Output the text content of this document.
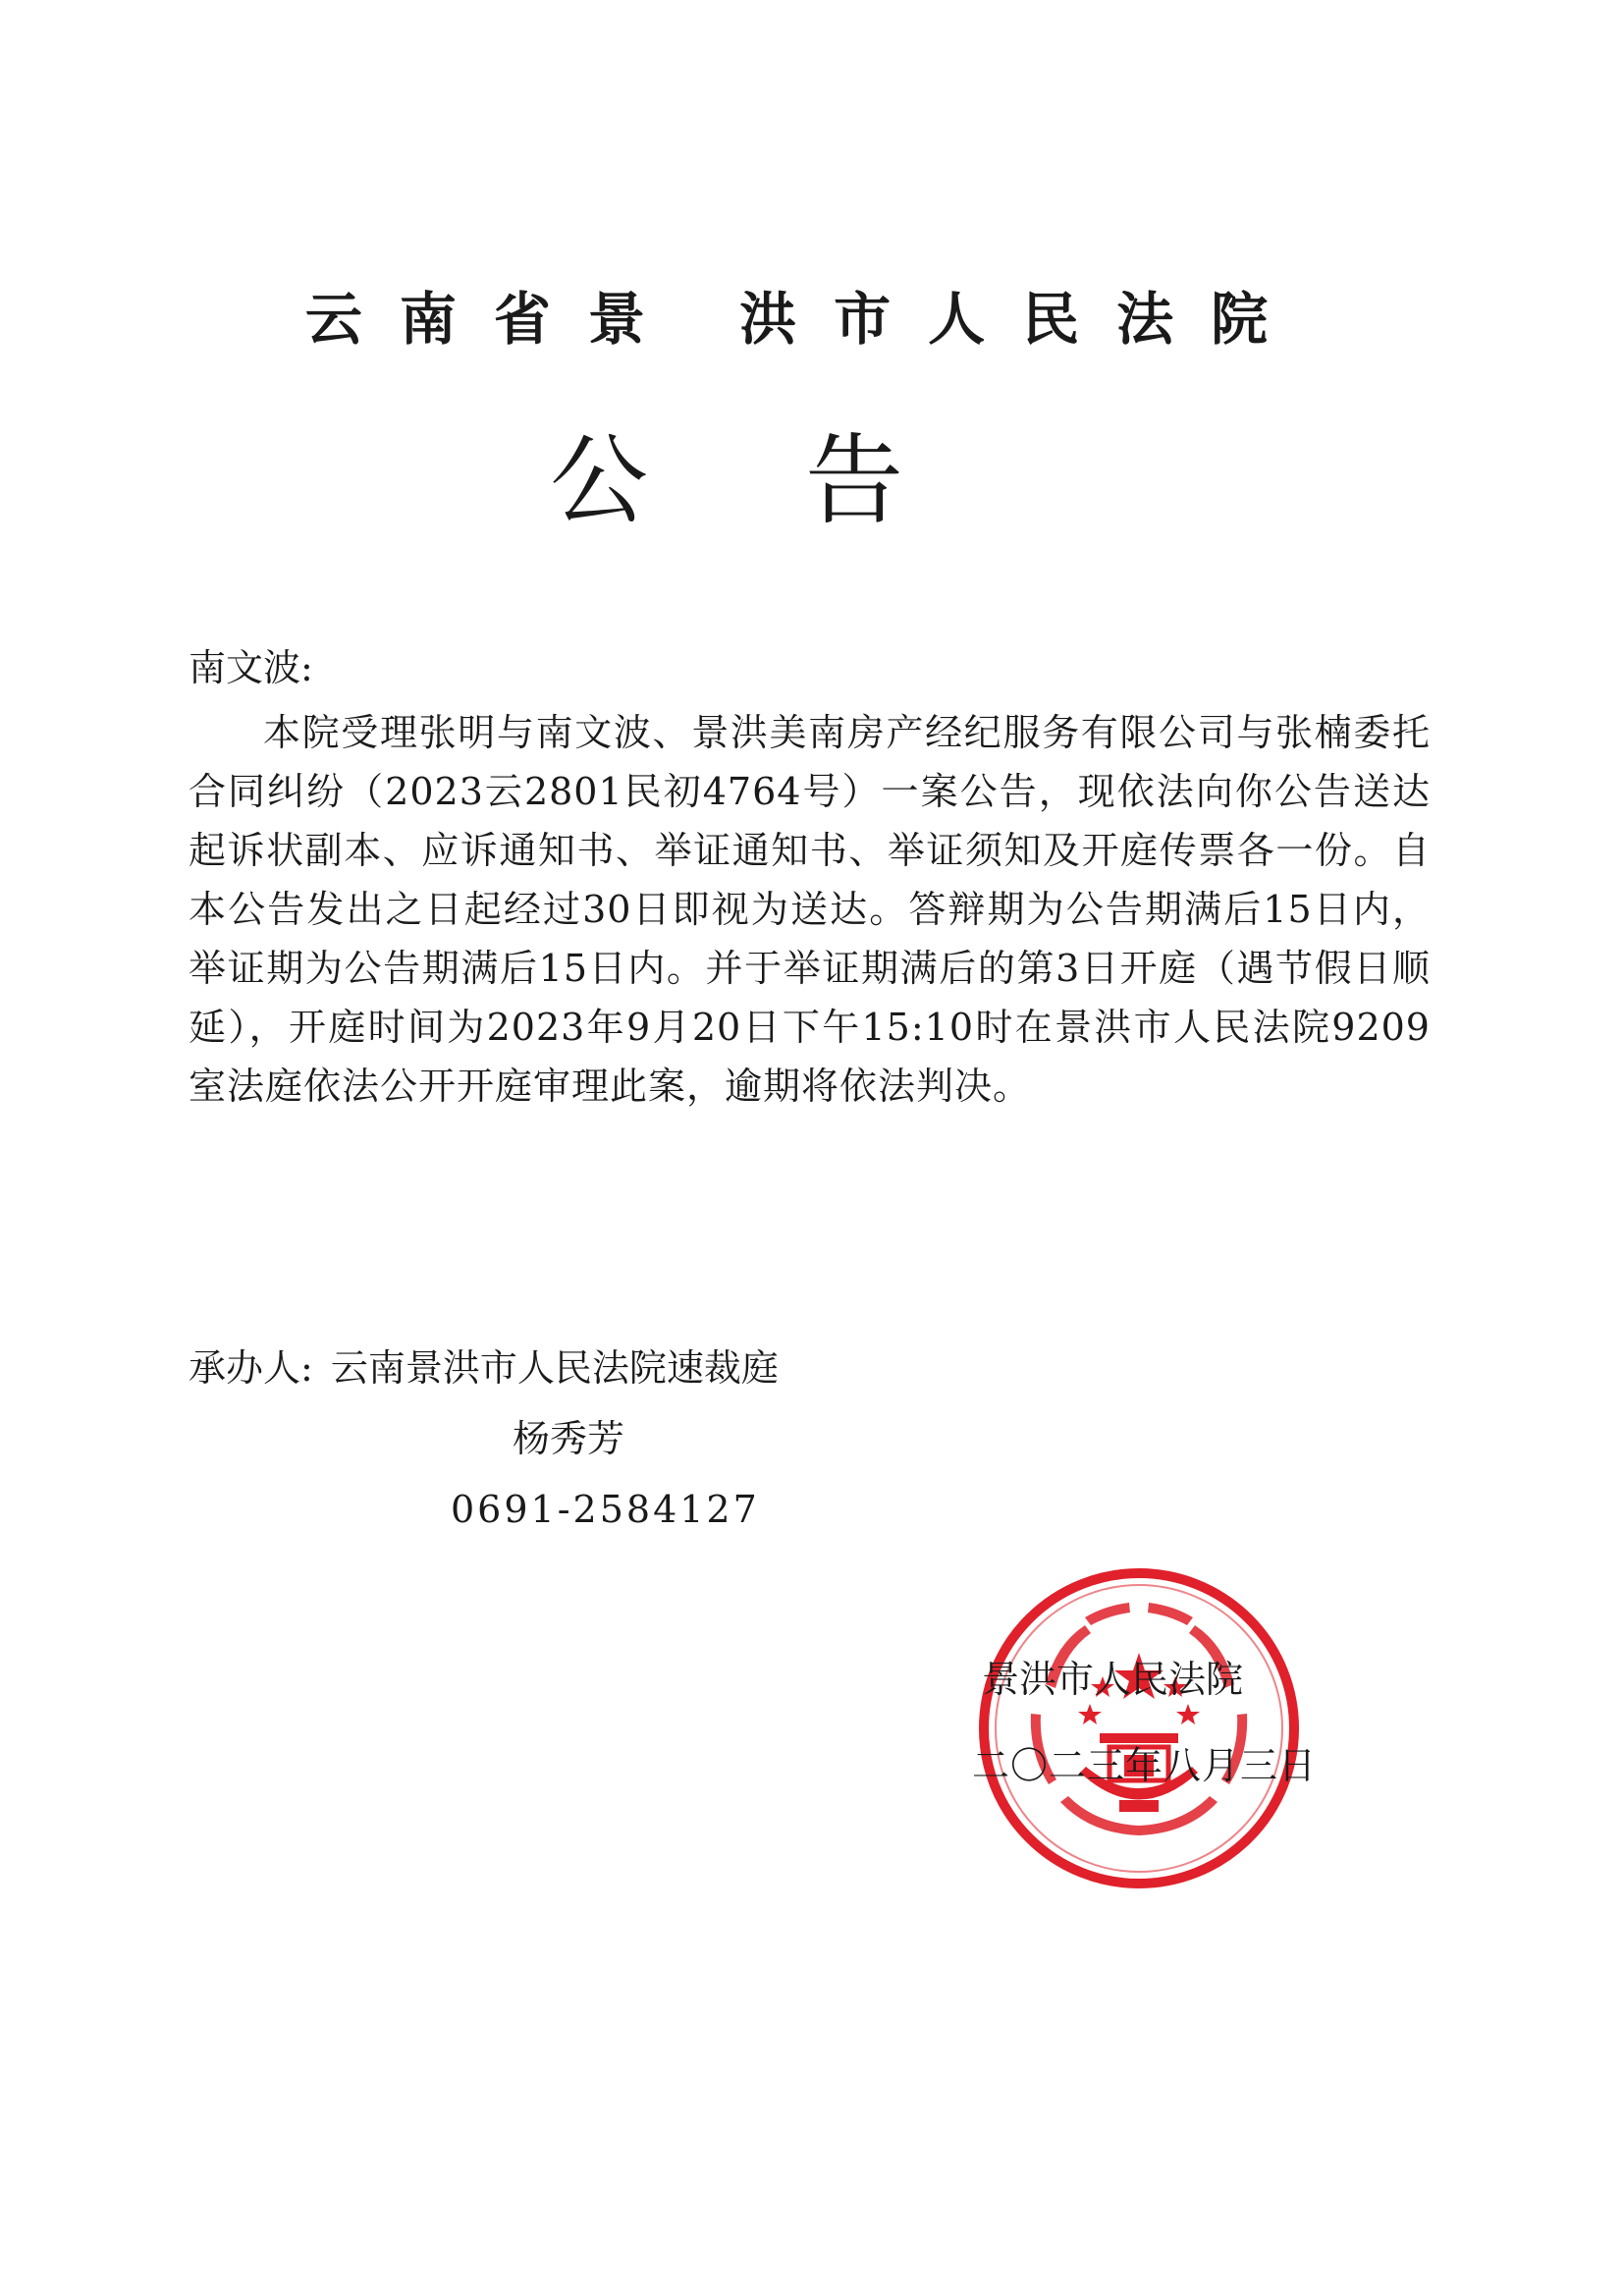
云南省景 洪市人民法院
公告
南文波:
本院受理张明与南文波、景洪美南房产经纪服务有限公司与张楠委托合同纠纷（2023云2801民初4764号）一案公告，现依法向你公告送达起诉状副本、应诉通知书、举证通知书、举证须知及开庭传票各一份。自本公告发出之日起经过30日即视为送达。答辩期为公告期满后15日内，举证期为公告期满后15日内。并于举证期满后的第3日开庭（遇节假日顺延），开庭时间为2023年9月20日下午15:10时在景洪市人民法院9209室法庭依法公开开庭审理此案，逾期将依法判决。
承办人: 云南景洪市人民法院速裁庭
杨秀芳
0691-2584127
景洪市人民法院
二〇二三年八月三日
